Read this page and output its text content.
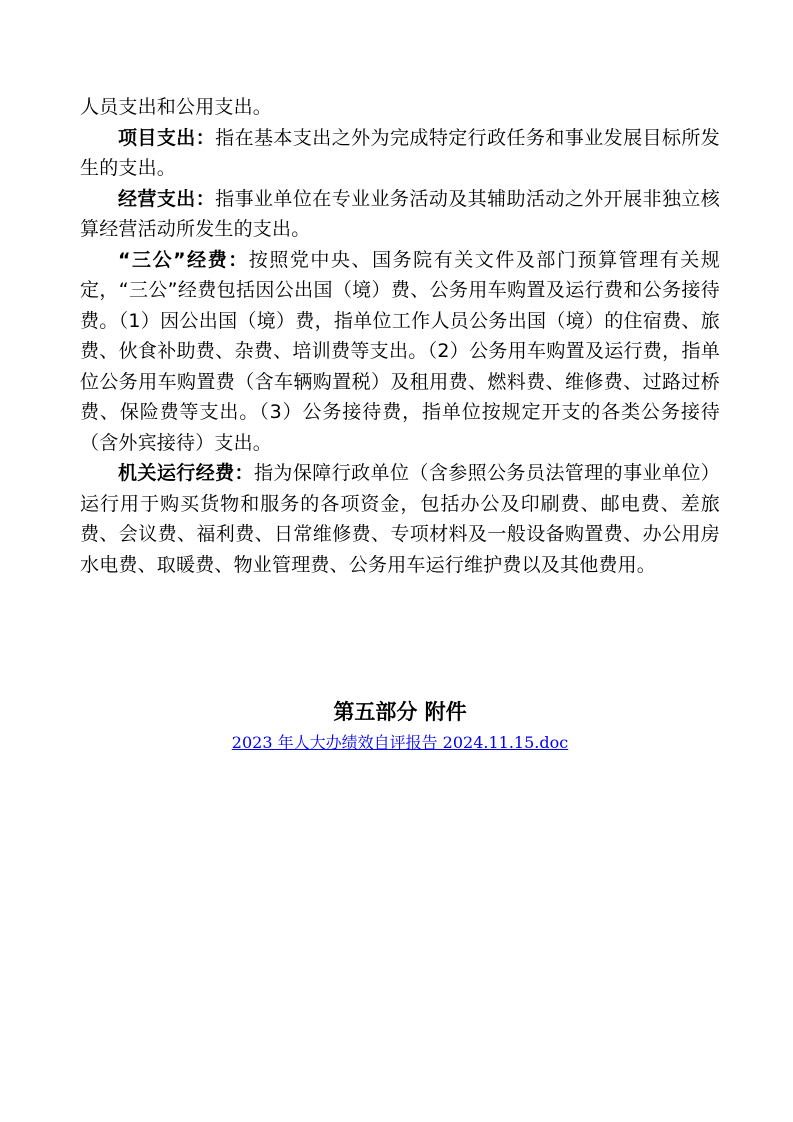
人员支出和公用支出。

项目支出：指在基本支出之外为完成特定行政任务和事业发展目标所发生的支出。

经营支出：指事业单位在专业业务活动及其辅助活动之外开展非独立核算经营活动所发生的支出。

“三公”经费：按照党中央、国务院有关文件及部门预算管理有关规定，“三公”经费包括因公出国（境）费、公务用车购置及运行费和公务接待费。（1）因公出国（境）费，指单位工作人员公务出国（境）的住宿费、旅费、伙食补助费、杂费、培训费等支出。（2）公务用车购置及运行费，指单位公务用车购置费（含车辆购置税）及租用费、燃料费、维修费、过路过桥费、保险费等支出。（3）公务接待费，指单位按规定开支的各类公务接待（含外宾接待）支出。

机关运行经费：指为保障行政单位（含参照公务员法管理的事业单位）运行用于购买货物和服务的各项资金，包括办公及印刷费、邮电费、差旅费、会议费、福利费、日常维修费、专项材料及一般设备购置费、办公用房水电费、取暖费、物业管理费、公务用车运行维护费以及其他费用。

第五部分 附件
2023 年人大办绩效自评报告 2024.11.15.doc
